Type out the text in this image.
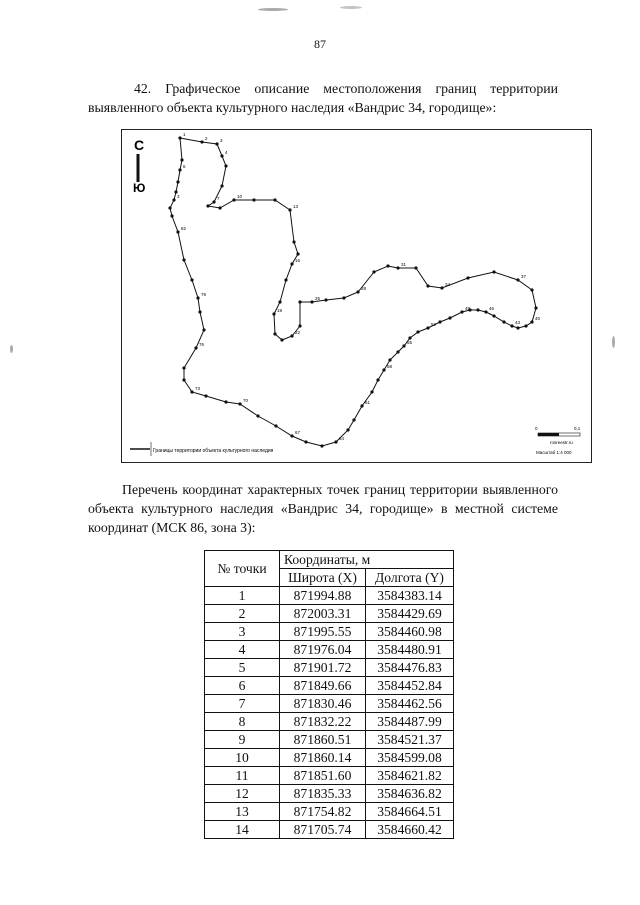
87
42. Графическое описание местоположения границ территории выявленного объекта культурного наследия «Вандрис 34, городище»:
С
Ю
1
2	3
4
7	10
13
16
19
22
25
28
31
34
37
40
43
46
49
52
55
58
61
64
67
70
73
76
79
82
3
6
Границы территории объекта культурного наследия
0	0,1
rosreestr.ru
Масштаб 1:4 000
Перечень координат характерных точек границ территории выявленного объекта культурного наследия «Вандрис 34, городище» в местной системе координат (МСК 86, зона 3):
№ точки	Координаты, м	
	Широта (X)	Долгота (Y)
1	871994.88	3584383.14
2	872003.31	3584429.69
3	871995.55	3584460.98
4	871976.04	3584480.91
5	871901.72	3584476.83
6	871849.66	3584452.84
7	871830.46	3584462.56
8	871832.22	3584487.99
9	871860.51	3584521.37
10	871860.14	3584599.08
11	871851.60	3584621.82
12	871835.33	3584636.82
13	871754.82	3584664.51
14	871705.74	3584660.42
